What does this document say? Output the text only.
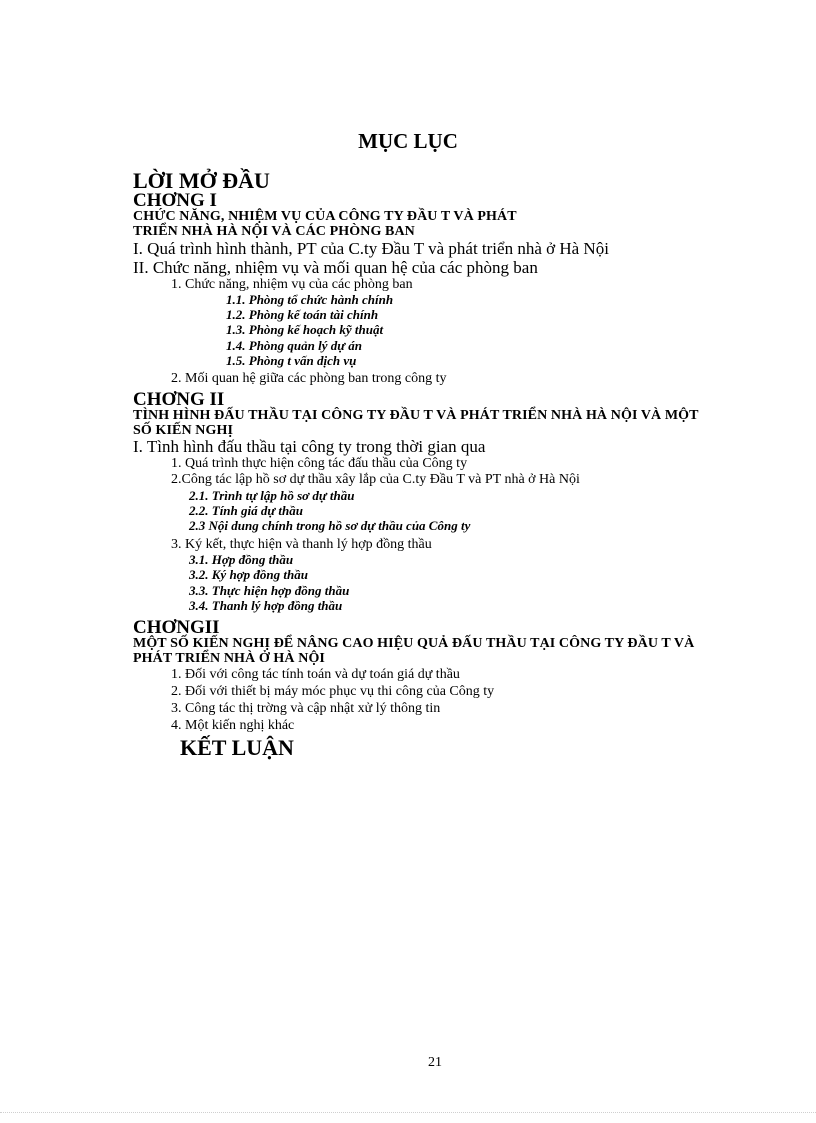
MỤC LỤC

LỜI MỞ ĐẦU

CHƠNG I

CHỨC NĂNG, NHIỆM VỤ CỦA CÔNG TY ĐẦU T VÀ PHÁT

TRIỂN NHÀ HÀ NỘI VÀ CÁC PHÒNG BAN

I. Quá trình hình thành, PT của C.ty Đầu T và phát triển nhà ở Hà Nội

II. Chức năng, nhiệm vụ và mối quan hệ của các phòng ban

1. Chức năng, nhiệm vụ của các phòng ban

1.1. Phòng tổ chức hành chính

1.2. Phòng kế toán tài chính

1.3. Phòng kế hoạch kỹ thuật

1.4. Phòng quản lý dự án

1.5. Phòng t vấn dịch vụ

2. Mối quan hệ giữa các phòng ban trong công ty

CHƠNG II

TÌNH HÌNH ĐẤU THẦU TẠI CÔNG TY ĐẦU T VÀ PHÁT TRIỂN NHÀ HÀ NỘI VÀ MỘT

SỐ KIẾN NGHỊ

I. Tình hình đấu thầu tại công ty trong thời gian qua

1. Quá trình thực hiện công tác đấu thầu của Công ty

2.Công tác lập hồ sơ dự thầu xây lắp của C.ty Đầu T và PT nhà ở Hà Nội

2.1. Trình tự lập hồ sơ dự thầu

2.2. Tính giá dự thầu

2.3 Nội dung chính trong hồ sơ dự thầu của Công ty

3. Ký kết, thực hiện và thanh lý hợp đồng thầu

3.1. Hợp đồng thầu

3.2. Ký hợp đồng thầu

3.3. Thực hiện hợp đồng thầu

3.4. Thanh lý hợp đồng thầu

CHƠNGII

MỘT SỐ KIẾN NGHỊ ĐỂ NÂNG CAO HIỆU QUẢ ĐẤU THẦU TẠI CÔNG TY ĐẦU T VÀ

PHÁT TRIỂN NHÀ Ở HÀ NỘI

1. Đối với công tác tính toán và dự toán giá dự thầu

2. Đối với thiết bị máy móc phục vụ thi công của Công ty

3. Công tác thị trờng và cập nhật xử lý thông tin

4. Một kiến nghị khác

KẾT LUẬN

21
